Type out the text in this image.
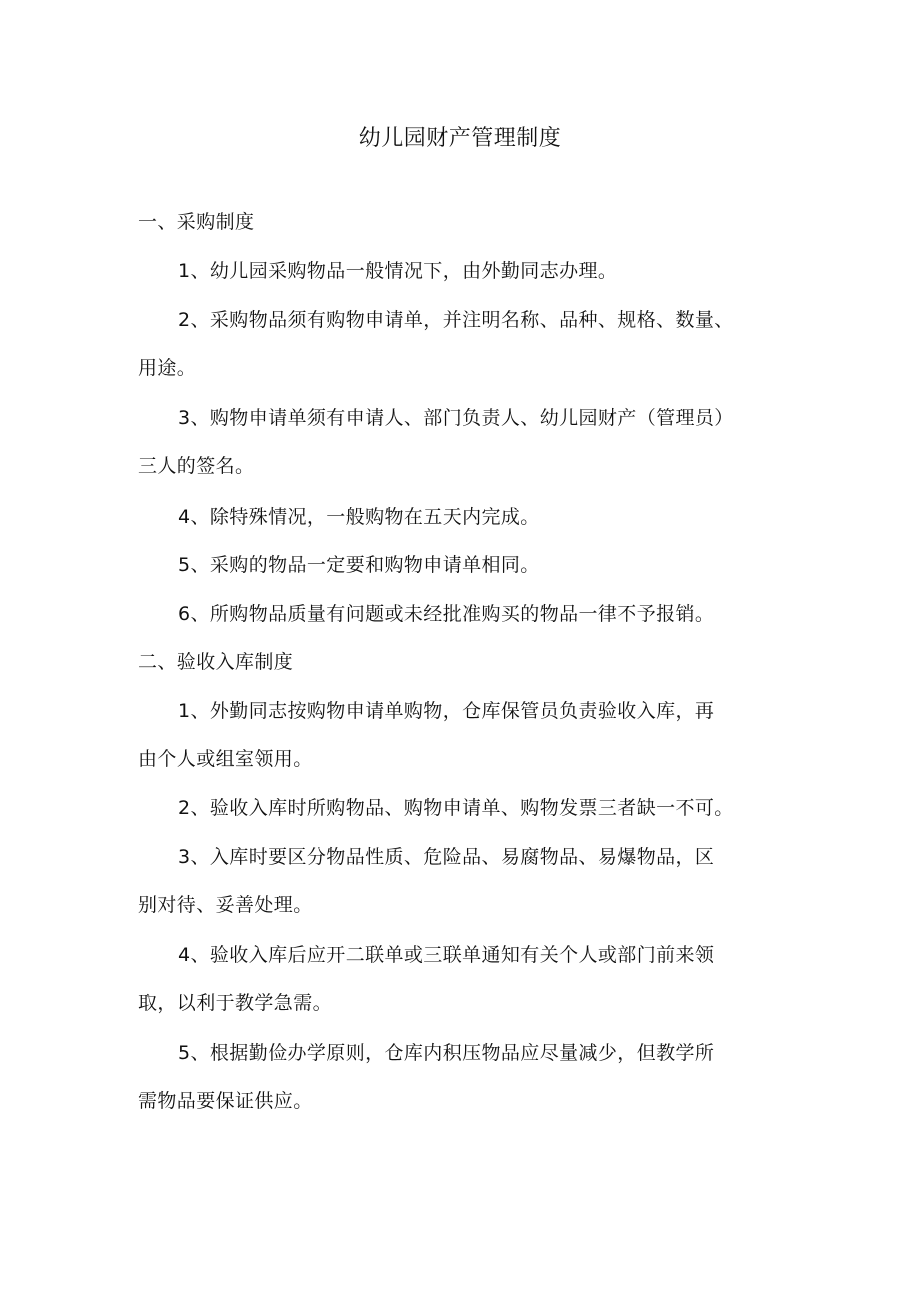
幼儿园财产管理制度
一、采购制度
1、幼儿园采购物品一般情况下，由外勤同志办理。
2、采购物品须有购物申请单，并注明名称、品种、规格、数量、
用途。
3、购物申请单须有申请人、部门负责人、幼儿园财产（管理员）
三人的签名。
4、除特殊情况，一般购物在五天内完成。
5、采购的物品一定要和购物申请单相同。
6、所购物品质量有问题或未经批准购买的物品一律不予报销。
二、验收入库制度
1、外勤同志按购物申请单购物，仓库保管员负责验收入库，再
由个人或组室领用。
2、验收入库时所购物品、购物申请单、购物发票三者缺一不可。
3、入库时要区分物品性质、危险品、易腐物品、易爆物品，区
别对待、妥善处理。
4、验收入库后应开二联单或三联单通知有关个人或部门前来领
取，以利于教学急需。
5、根据勤俭办学原则，仓库内积压物品应尽量减少，但教学所
需物品要保证供应。
